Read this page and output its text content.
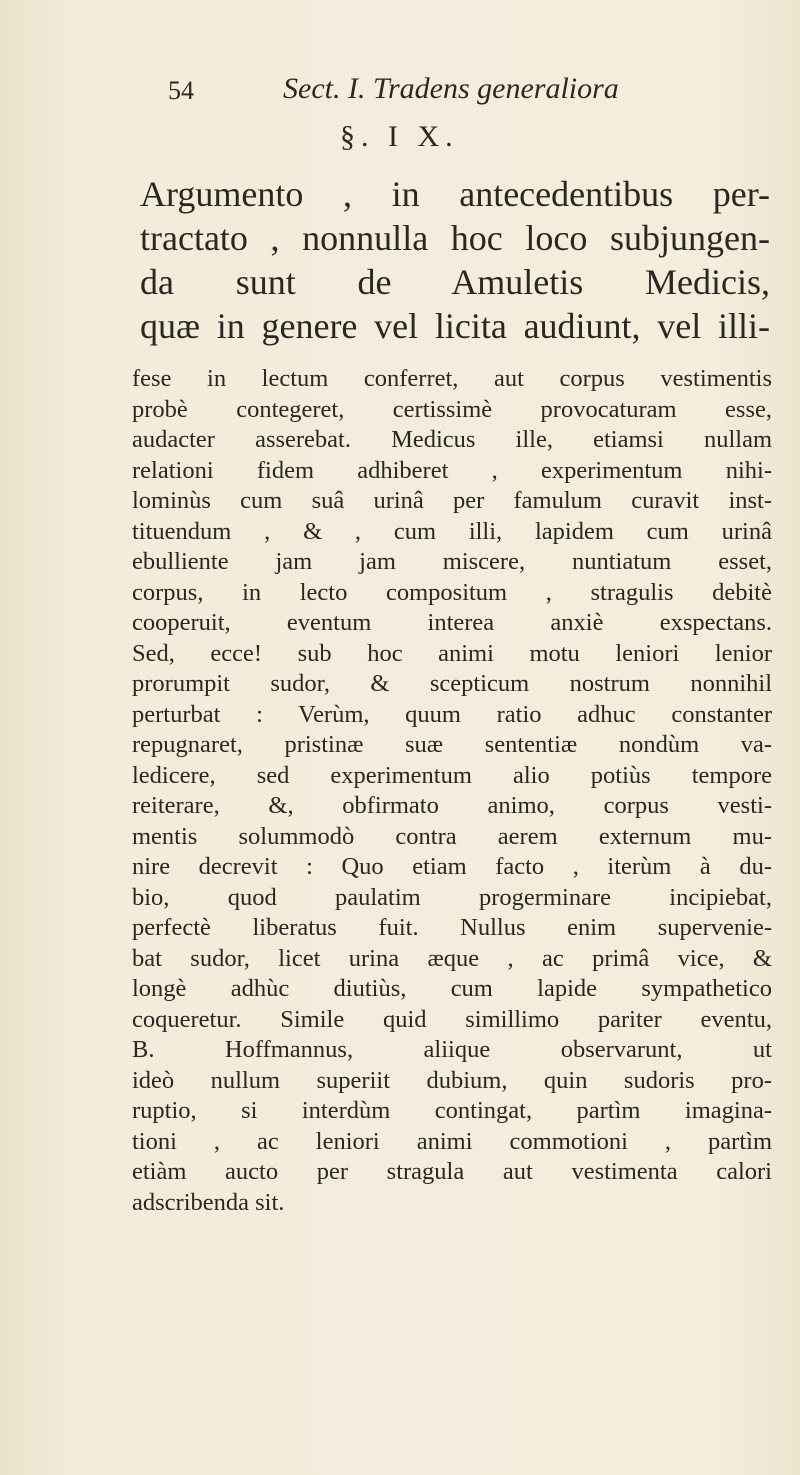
54	Sect. I. Tradens generaliora
§. I X.
Argumento , in antecedentibus per-
tractato , nonnulla hoc loco subjungen-
da sunt de Amuletis Medicis,
quæ in genere vel licita audiunt, vel illi-
fese in lectum conferret, aut corpus vestimentis
probè contegeret, certissimè provocaturam esse,
audacter asserebat. Medicus ille, etiamsi nullam
relationi fidem adhiberet , experimentum nihi-
lominùs cum suâ urinâ per famulum curavit inst-
tituendum , & , cum illi, lapidem cum urinâ
ebulliente jam jam miscere, nuntiatum esset,
corpus, in lecto compositum , stragulis debitè
cooperuit, eventum interea anxiè exspectans.
Sed, ecce! sub hoc animi motu leniori lenior
prorumpit sudor, & scepticum nostrum nonnihil
perturbat : Verùm, quum ratio adhuc constanter
repugnaret, pristinæ suæ sententiæ nondùm va-
ledicere, sed experimentum alio potiùs tempore
reiterare, &, obfirmato animo, corpus vesti-
mentis solummodò contra aerem externum mu-
nire decrevit : Quo etiam facto , iterùm à du-
bio, quod paulatim progerminare incipiebat,
perfectè liberatus fuit. Nullus enim supervenie-
bat sudor, licet urina æque , ac primâ vice, &
longè adhùc diutiùs, cum lapide sympathetico
coqueretur. Simile quid simillimo pariter eventu,
B. Hoffmannus, aliique observarunt, ut
ideò nullum superiit dubium, quin sudoris pro-
ruptio, si interdùm contingat, partìm imagina-
tioni , ac leniori animi commotioni , partìm
etiàm aucto per stragula aut vestimenta calori
adscribenda sit.
